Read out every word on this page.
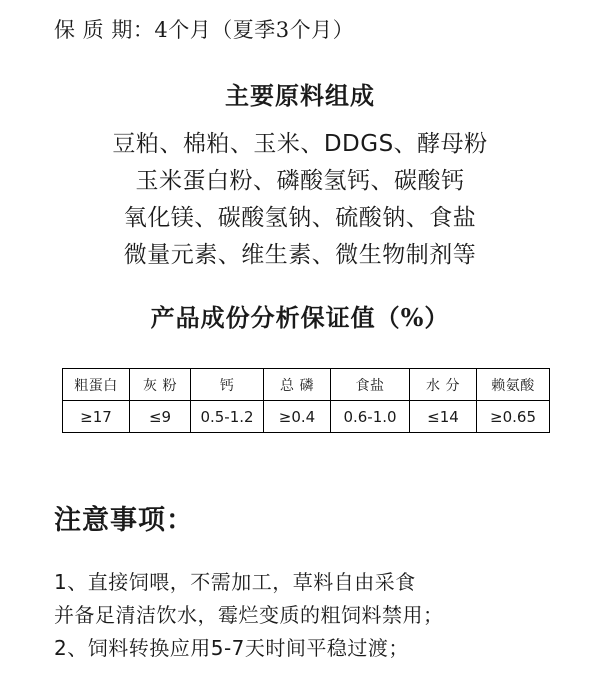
保 质 期：4个月（夏季3个月）
主要原料组成
豆粕、棉粕、玉米、DDGS、酵母粉
玉米蛋白粉、磷酸氢钙、碳酸钙
氧化镁、碳酸氢钠、硫酸钠、食盐
微量元素、维生素、微生物制剂等
产品成份分析保证值（%）
粗蛋白	灰 粉	钙	总 磷	食盐	水 分	赖氨酸
≥17	≤9	0.5-1.2	≥0.4	0.6-1.0	≤14	≥0.65
注意事项：
1、直接饲喂，不需加工，草料自由采食
并备足清洁饮水，霉烂变质的粗饲料禁用；
2、饲料转换应用5-7天时间平稳过渡；
